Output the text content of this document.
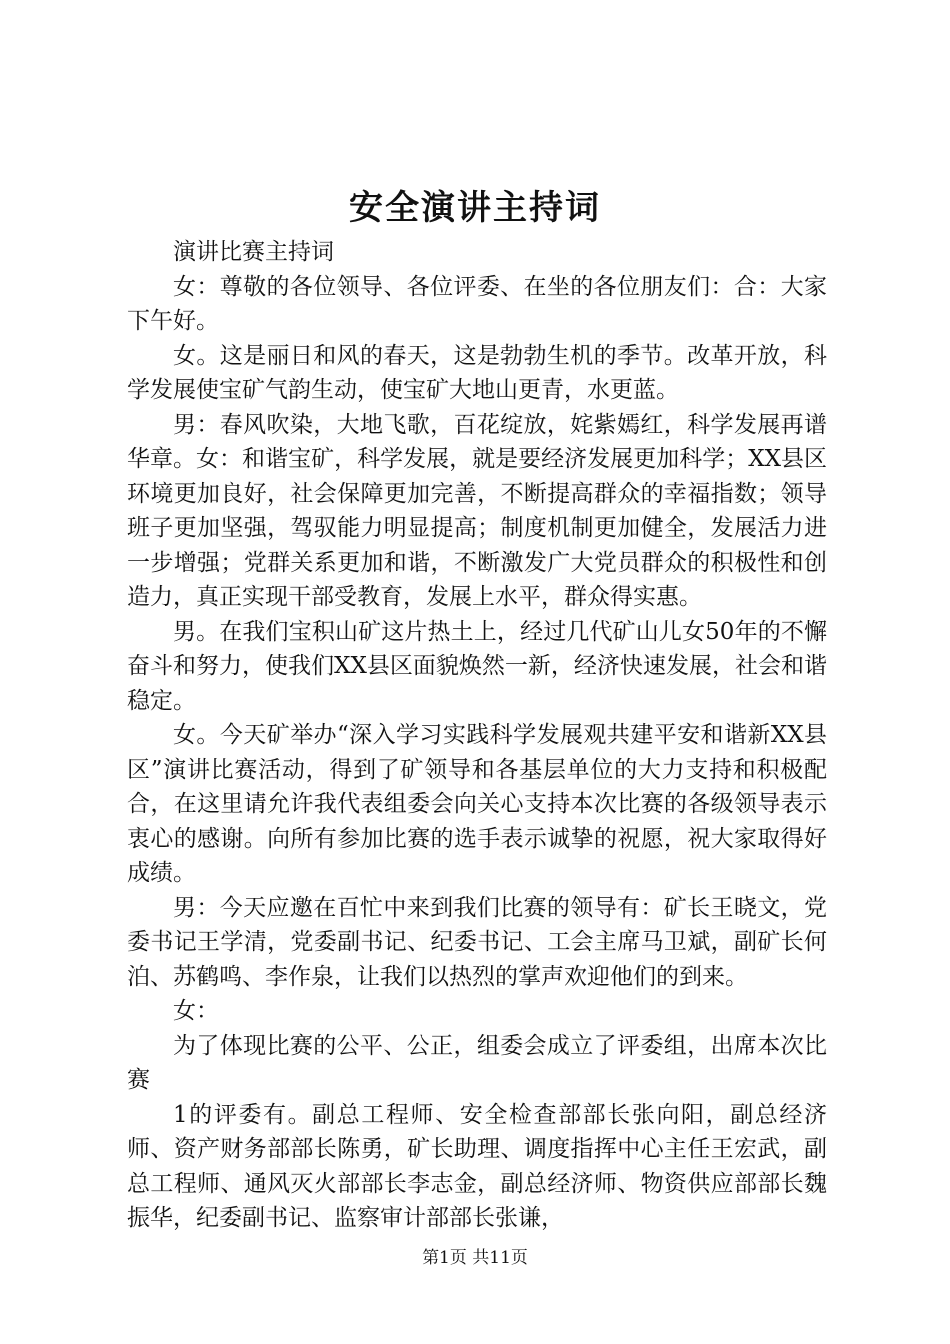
安全演讲主持词

演讲比赛主持词

女：尊敬的各位领导、各位评委、在坐的各位朋友们：合：大家下午好。

女。这是丽日和风的春天，这是勃勃生机的季节。改革开放，科学发展使宝矿气韵生动，使宝矿大地山更青，水更蓝。

男：春风吹染，大地飞歌，百花绽放，姹紫嫣红，科学发展再谱华章。女：和谐宝矿，科学发展，就是要经济发展更加科学；XX县区环境更加良好，社会保障更加完善，不断提高群众的幸福指数；领导班子更加坚强，驾驭能力明显提高；制度机制更加健全，发展活力进一步增强；党群关系更加和谐，不断激发广大党员群众的积极性和创造力，真正实现干部受教育，发展上水平，群众得实惠。

男。在我们宝积山矿这片热土上，经过几代矿山儿女50年的不懈奋斗和努力，使我们XX县区面貌焕然一新，经济快速发展，社会和谐稳定。

女。今天矿举办“深入学习实践科学发展观共建平安和谐新XX县区”演讲比赛活动，得到了矿领导和各基层单位的大力支持和积极配合，在这里请允许我代表组委会向关心支持本次比赛的各级领导表示衷心的感谢。向所有参加比赛的选手表示诚挚的祝愿，祝大家取得好成绩。

男：今天应邀在百忙中来到我们比赛的领导有：矿长王晓文，党委书记王学清，党委副书记、纪委书记、工会主席马卫斌，副矿长何泊、苏鹤鸣、李作泉，让我们以热烈的掌声欢迎他们的到来。

女：

为了体现比赛的公平、公正，组委会成立了评委组，出席本次比赛

1的评委有。副总工程师、安全检查部部长张向阳，副总经济师、资产财务部部长陈勇，矿长助理、调度指挥中心主任王宏武，副总工程师、通风灭火部部长李志金，副总经济师、物资供应部部长魏振华，纪委副书记、监察审计部部长张谦，

第1页 共11页
